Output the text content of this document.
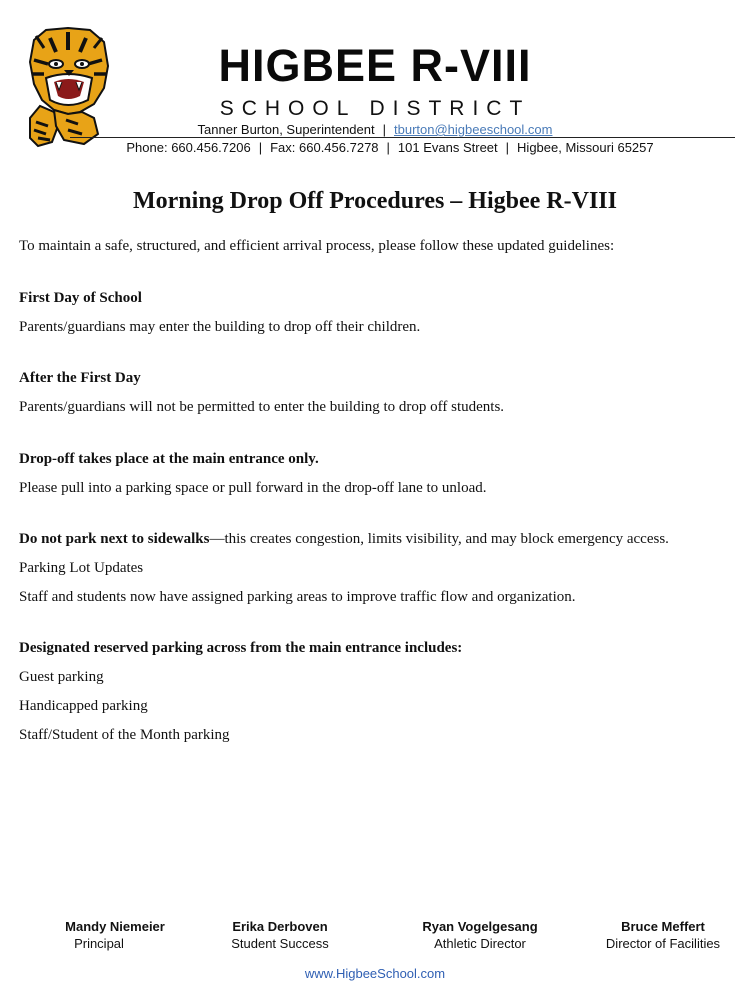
HIGBEE R-VIII
SCHOOL DISTRICT
Tanner Burton, Superintendent | tburton@higbeeschool.com
Phone: 660.456.7206 | Fax: 660.456.7278 | 101 Evans Street | Higbee, Missouri 65257
Morning Drop Off Procedures – Higbee R-VIII
To maintain a safe, structured, and efficient arrival process, please follow these updated guidelines:
First Day of School
Parents/guardians may enter the building to drop off their children.
After the First Day
Parents/guardians will not be permitted to enter the building to drop off students.
Drop-off takes place at the main entrance only.
Please pull into a parking space or pull forward in the drop-off lane to unload.
Do not park next to sidewalks—this creates congestion, limits visibility, and may block emergency access.
Parking Lot Updates
Staff and students now have assigned parking areas to improve traffic flow and organization.
Designated reserved parking across from the main entrance includes:
Guest parking
Handicapped parking
Staff/Student of the Month parking
Mandy Niemeier
Principal
Erika Derboven
Student Success
Ryan Vogelgesang
Athletic Director
Bruce Meffert
Director of Facilities
www.HigbeeSchool.com
